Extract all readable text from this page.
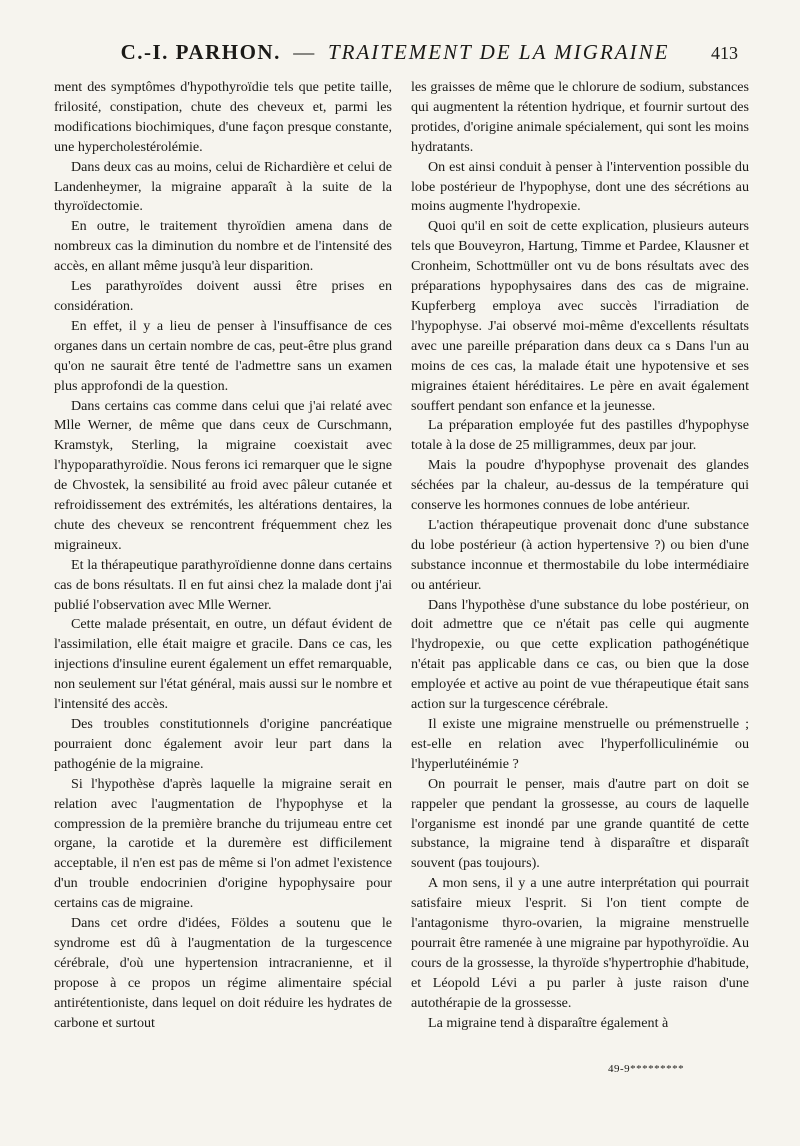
C.-I. PARHON. — TRAITEMENT DE LA MIGRAINE	413

ment des symptômes d'hypothyroïdie tels que petite taille, frilosité, constipation, chute des cheveux et, parmi les modifications biochimiques, d'une façon presque constante, une hypercholestérolémie.

Dans deux cas au moins, celui de Richardière et celui de Landenheymer, la migraine apparaît à la suite de la thyroïdectomie.

En outre, le traitement thyroïdien amena dans de nombreux cas la diminution du nombre et de l'intensité des accès, en allant même jusqu'à leur disparition.

Les parathyroïdes doivent aussi être prises en considération.

En effet, il y a lieu de penser à l'insuffisance de ces organes dans un certain nombre de cas, peut-être plus grand qu'on ne saurait être tenté de l'admettre sans un examen plus approfondi de la question.

Dans certains cas comme dans celui que j'ai relaté avec Mlle Werner, de même que dans ceux de Curschmann, Kramstyk, Sterling, la migraine coexistait avec l'hypoparathyroïdie. Nous ferons ici remarquer que le signe de Chvostek, la sensibilité au froid avec pâleur cutanée et refroidissement des extrémités, les altérations dentaires, la chute des cheveux se rencontrent fréquemment chez les migraineux.

Et la thérapeutique parathyroïdienne donne dans certains cas de bons résultats. Il en fut ainsi chez la malade dont j'ai publié l'observation avec Mlle Werner.

Cette malade présentait, en outre, un défaut évident de l'assimilation, elle était maigre et gracile. Dans ce cas, les injections d'insuline eurent également un effet remarquable, non seulement sur l'état général, mais aussi sur le nombre et l'intensité des accès.

Des troubles constitutionnels d'origine pancréatique pourraient donc également avoir leur part dans la pathogénie de la migraine.

Si l'hypothèse d'après laquelle la migraine serait en relation avec l'augmentation de l'hypophyse et la compression de la première branche du trijumeau entre cet organe, la carotide et la duremère est difficilement acceptable, il n'en est pas de même si l'on admet l'existence d'un trouble endocrinien d'origine hypophysaire pour certains cas de migraine.

Dans cet ordre d'idées, Földes a soutenu que le syndrome est dû à l'augmentation de la turgescence cérébrale, d'où une hypertension intracranienne, et il propose à ce propos un régime alimentaire spécial antirétentioniste, dans lequel on doit réduire les hydrates de carbone et surtout

les graisses de même que le chlorure de sodium, substances qui augmentent la rétention hydrique, et fournir surtout des protides, d'origine animale spécialement, qui sont les moins hydratants.

On est ainsi conduit à penser à l'intervention possible du lobe postérieur de l'hypophyse, dont une des sécrétions au moins augmente l'hydropexie.

Quoi qu'il en soit de cette explication, plusieurs auteurs tels que Bouveyron, Hartung, Timme et Pardee, Klausner et Cronheim, Schottmüller ont vu de bons résultats avec des préparations hypophysaires dans des cas de migraine. Kupferberg employa avec succès l'irradiation de l'hypophyse. J'ai observé moi-même d'excellents résultats avec une pareille préparation dans deux ca s Dans l'un au moins de ces cas, la malade était une hypotensive et ses migraines étaient héréditaires. Le père en avait également souffert pendant son enfance et la jeunesse.

La préparation employée fut des pastilles d'hypophyse totale à la dose de 25 milligrammes, deux par jour.

Mais la poudre d'hypophyse provenait des glandes séchées par la chaleur, au-dessus de la température qui conserve les hormones connues de lobe antérieur.

L'action thérapeutique provenait donc d'une substance du lobe postérieur (à action hypertensive ?) ou bien d'une substance inconnue et thermostabile du lobe intermédiaire ou antérieur.

Dans l'hypothèse d'une substance du lobe postérieur, on doit admettre que ce n'était pas celle qui augmente l'hydropexie, ou que cette explication pathogénétique n'était pas applicable dans ce cas, ou bien que la dose employée et active au point de vue thérapeutique était sans action sur la turgescence cérébrale.

Il existe une migraine menstruelle ou prémenstruelle ; est-elle en relation avec l'hyperfolliculinémie ou l'hyperlutéinémie ?

On pourrait le penser, mais d'autre part on doit se rappeler que pendant la grossesse, au cours de laquelle l'organisme est inondé par une grande quantité de cette substance, la migraine tend à disparaître et disparaît souvent (pas toujours).

A mon sens, il y a une autre interprétation qui pourrait satisfaire mieux l'esprit. Si l'on tient compte de l'antagonisme thyro-ovarien, la migraine menstruelle pourrait être ramenée à une migraine par hypothyroïdie. Au cours de la grossesse, la thyroïde s'hypertrophie d'habitude, et Léopold Lévi a pu parler à juste raison d'une autothérapie de la grossesse.

La migraine tend à disparaître également à

49-9*********
